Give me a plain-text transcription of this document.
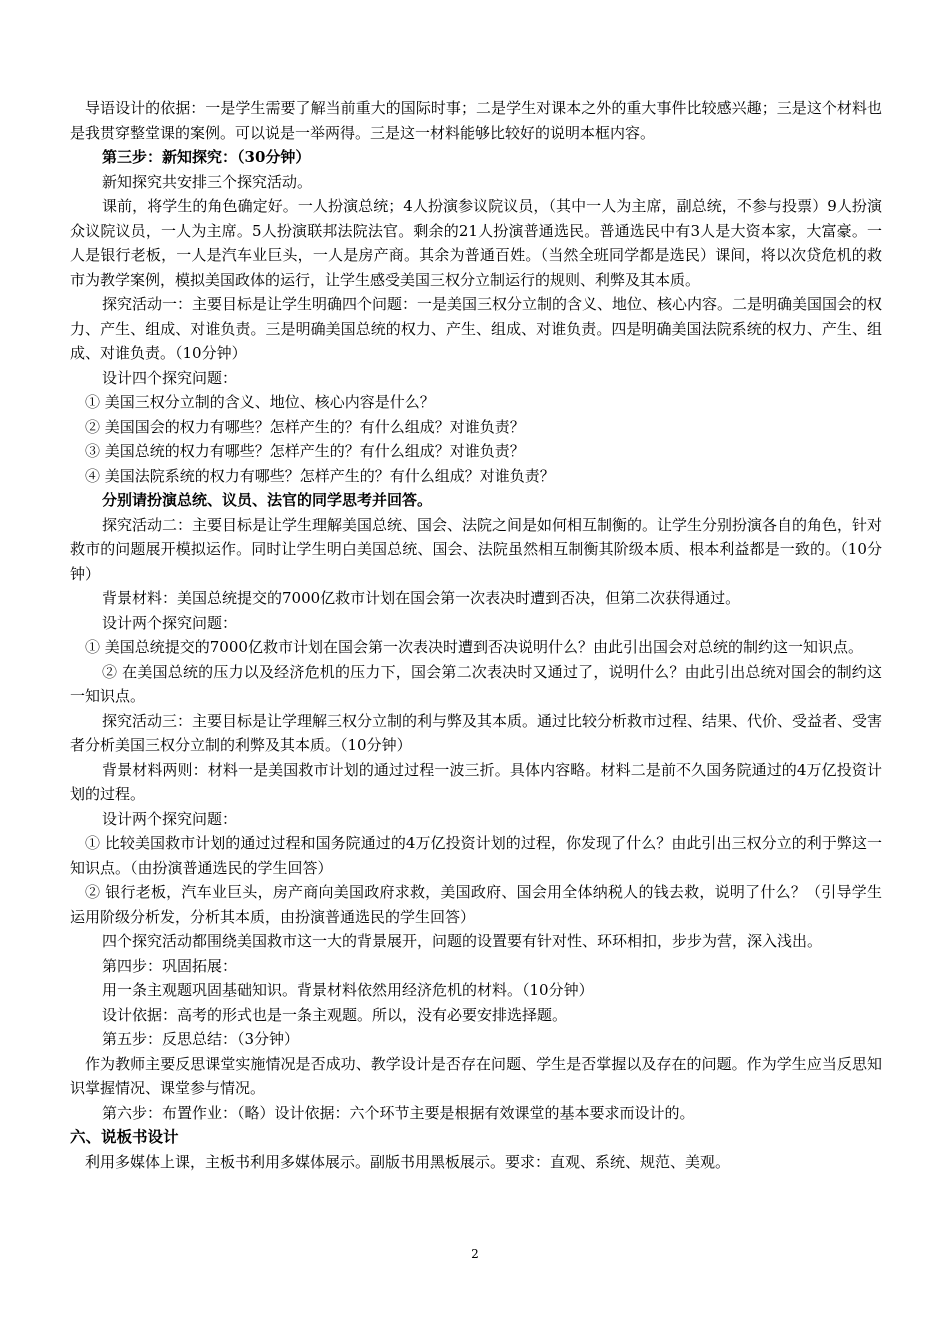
导语设计的依据：一是学生需要了解当前重大的国际时事；二是学生对课本之外的重大事件比较感兴趣；三是这个材料也是我贯穿整堂课的案例。可以说是一举两得。三是这一材料能够比较好的说明本框内容。

第三步：新知探究：（30分钟）

新知探究共安排三个探究活动。

课前，将学生的角色确定好。一人扮演总统；4人扮演参议院议员，（其中一人为主席，副总统，不参与投票）9人扮演众议院议员，一人为主席。5人扮演联邦法院法官。剩余的21人扮演普通选民。普通选民中有3人是大资本家，大富豪。一人是银行老板，一人是汽车业巨头，一人是房产商。其余为普通百姓。（当然全班同学都是选民）课间，将以次贷危机的救市为教学案例，模拟美国政体的运行，让学生感受美国三权分立制运行的规则、利弊及其本质。

探究活动一：主要目标是让学生明确四个问题：一是美国三权分立制的含义、地位、核心内容。二是明确美国国会的权力、产生、组成、对谁负责。三是明确美国总统的权力、产生、组成、对谁负责。四是明确美国法院系统的权力、产生、组成、对谁负责。（10分钟）

设计四个探究问题：

① 美国三权分立制的含义、地位、核心内容是什么？

② 美国国会的权力有哪些？怎样产生的？有什么组成？对谁负责？

③ 美国总统的权力有哪些？怎样产生的？有什么组成？对谁负责？

④ 美国法院系统的权力有哪些？怎样产生的？有什么组成？对谁负责？

分别请扮演总统、议员、法官的同学思考并回答。

探究活动二：主要目标是让学生理解美国总统、国会、法院之间是如何相互制衡的。让学生分别扮演各自的角色，针对救市的问题展开模拟运作。同时让学生明白美国总统、国会、法院虽然相互制衡其阶级本质、根本利益都是一致的。（10分钟）

背景材料：美国总统提交的7000亿救市计划在国会第一次表决时遭到否决，但第二次获得通过。

设计两个探究问题：

① 美国总统提交的7000亿救市计划在国会第一次表决时遭到否决说明什么？由此引出国会对总统的制约这一知识点。

② 在美国总统的压力以及经济危机的压力下，国会第二次表决时又通过了，说明什么？由此引出总统对国会的制约这一知识点。

探究活动三：主要目标是让学理解三权分立制的利与弊及其本质。通过比较分析救市过程、结果、代价、受益者、受害者分析美国三权分立制的利弊及其本质。（10分钟）

背景材料两则：材料一是美国救市计划的通过过程一波三折。具体内容略。材料二是前不久国务院通过的4万亿投资计划的过程。

设计两个探究问题：

① 比较美国救市计划的通过过程和国务院通过的4万亿投资计划的过程，你发现了什么？由此引出三权分立的利于弊这一知识点。（由扮演普通选民的学生回答）

② 银行老板，汽车业巨头，房产商向美国政府求救，美国政府、国会用全体纳税人的钱去救，说明了什么？（引导学生运用阶级分析发，分析其本质，由扮演普通选民的学生回答）

四个探究活动都围绕美国救市这一大的背景展开，问题的设置要有针对性、环环相扣，步步为营，深入浅出。

第四步：巩固拓展：

用一条主观题巩固基础知识。背景材料依然用经济危机的材料。（10分钟）

设计依据：高考的形式也是一条主观题。所以，没有必要安排选择题。

第五步：反思总结：（3分钟）

作为教师主要反思课堂实施情况是否成功、教学设计是否存在问题、学生是否掌握以及存在的问题。作为学生应当反思知识掌握情况、课堂参与情况。

第六步：布置作业：（略）设计依据：六个环节主要是根据有效课堂的基本要求而设计的。

六、说板书设计

利用多媒体上课，主板书利用多媒体展示。副版书用黑板展示。要求：直观、系统、规范、美观。

2
